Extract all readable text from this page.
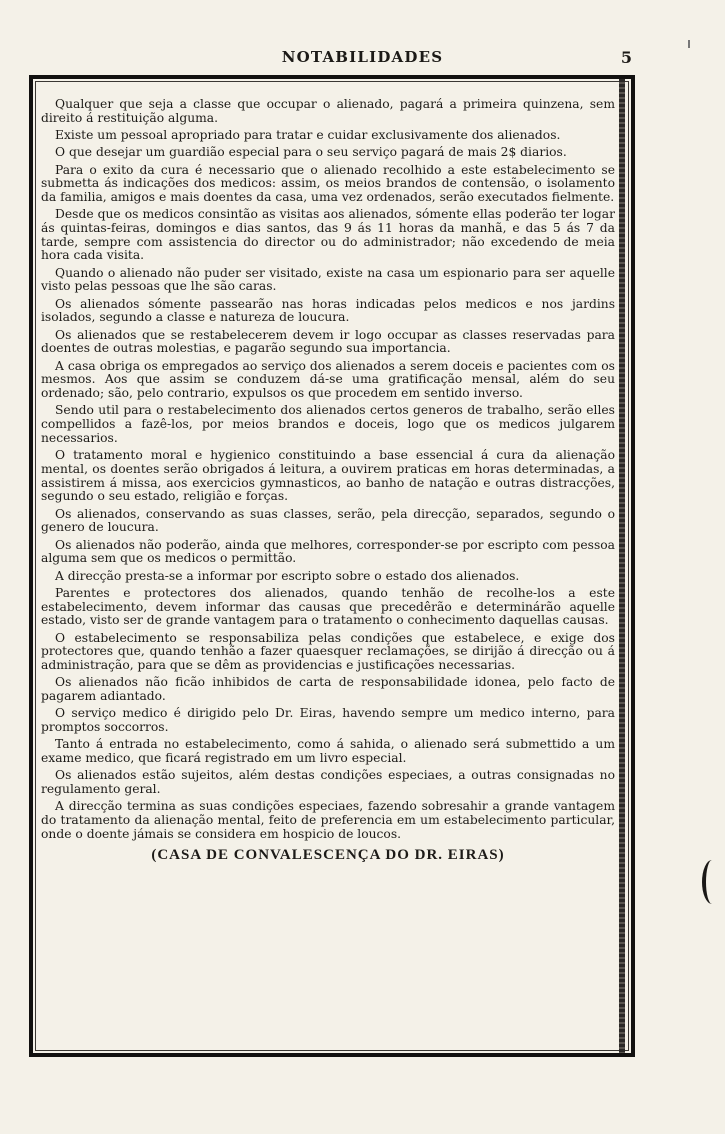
NOTABILIDADES	5

Qualquer que seja a classe que occupar o alienado, pagará a primeira quinzena, sem direito á restituição alguma.

Existe um pessoal apropriado para tratar e cuidar exclusivamente dos alienados.

O que desejar um guardião especial para o seu serviço pagará de mais 2$ diarios.

Para o exito da cura é necessario que o alienado recolhido a este estabelecimento se submetta ás indicações dos medicos: assim, os meios brandos de contensão, o isolamento da familia, amigos e mais doentes da casa, uma vez ordenados, serão executados fielmente.

Desde que os medicos consintão as visitas aos alienados, sómente ellas poderão ter logar ás quintas-feiras, domingos e dias santos, das 9 ás 11 horas da manhã, e das 5 ás 7 da tarde, sempre com assistencia do director ou do administrador; não excedendo de meia hora cada visita.

Quando o alienado não puder ser visitado, existe na casa um espionario para ser aquelle visto pelas pessoas que lhe são caras.

Os alienados sómente passearão nas horas indicadas pelos medicos e nos jardins isolados, segundo a classe e natureza de loucura.

Os alienados que se restabelecerem devem ir logo occupar as classes reservadas para doentes de outras molestias, e pagarão segundo sua importancia.

A casa obriga os empregados ao serviço dos alienados a serem doceis e pacientes com os mesmos. Aos que assim se conduzem dá-se uma gratificação mensal, além do seu ordenado; são, pelo contrario, expulsos os que procedem em sentido inverso.

Sendo util para o restabelecimento dos alienados certos generos de trabalho, serão elles compellidos a fazê-los, por meios brandos e doceis, logo que os medicos julgarem necessarios.

O tratamento moral e hygienico constituindo a base essencial á cura da alienação mental, os doentes serão obrigados á leitura, a ouvirem praticas em horas determinadas, a assistirem á missa, aos exercicios gymnasticos, ao banho de natação e outras distracções, segundo o seu estado, religião e forças.

Os alienados, conservando as suas classes, serão, pela direcção, separados, segundo o genero de loucura.

Os alienados não poderão, ainda que melhores, corresponder-se por escripto com pessoa alguma sem que os medicos o permittão.

A direcção presta-se a informar por escripto sobre o estado dos alienados.

Parentes e protectores dos alienados, quando tenhão de recolhe-los a este estabelecimento, devem informar das causas que precedêrão e determinárão aquelle estado, visto ser de grande vantagem para o tratamento o conhecimento daquellas causas.

O estabelecimento se responsabiliza pelas condições que estabelece, e exige dos protectores que, quando tenhão a fazer quaesquer reclamações, se dirijão á direcção ou á administração, para que se dêm as providencias e justificações necessarias.

Os alienados não ficão inhibidos de carta de responsabilidade idonea, pelo facto de pagarem adiantado.

O serviço medico é dirigido pelo Dr. Eiras, havendo sempre um medico interno, para promptos soccorros.

Tanto á entrada no estabelecimento, como á sahida, o alienado será submettido a um exame medico, que ficará registrado em um livro especial.

Os alienados estão sujeitos, além destas condições especiaes, a outras consignadas no regulamento geral.

A direcção termina as suas condições especiaes, fazendo sobresahir a grande vantagem do tratamento da alienação mental, feito de preferencia em um estabelecimento particular, onde o doente jámais se considera em hospicio de loucos.

(CASA DE CONVALESCENÇA DO DR. EIRAS)
